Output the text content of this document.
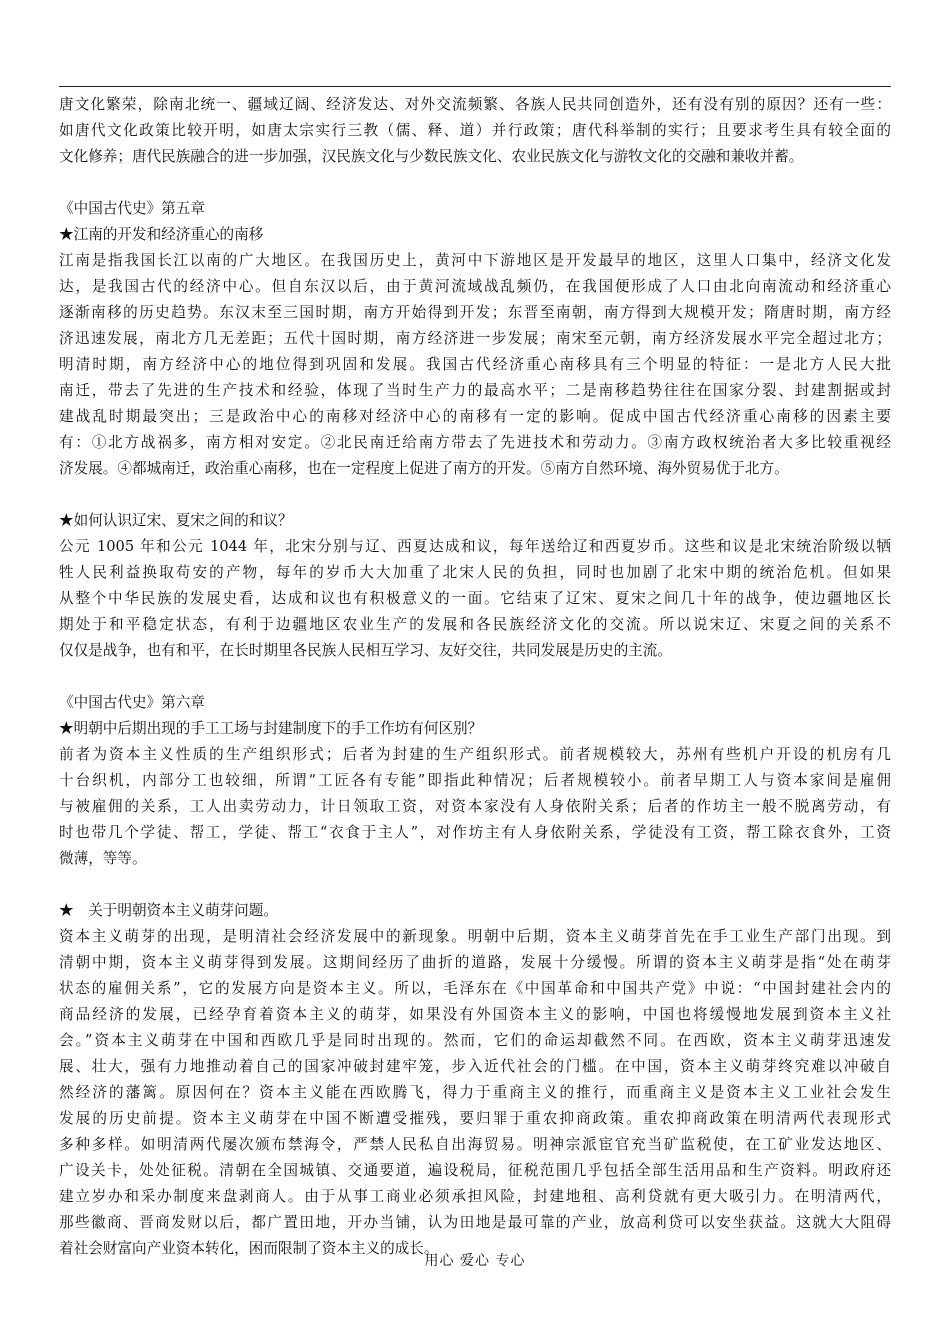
唐文化繁荣，除南北统一、疆域辽阔、经济发达、对外交流频繁、各族人民共同创造外，还有没有别的原因？还有一些：
如唐代文化政策比较开明，如唐太宗实行三教（儒、释、道）并行政策；唐代科举制的实行；且要求考生具有较全面的
文化修养；唐代民族融合的进一步加强，汉民族文化与少数民族文化、农业民族文化与游牧文化的交融和兼收并蓄。
《中国古代史》第五章
★江南的开发和经济重心的南移
江南是指我国长江以南的广大地区。在我国历史上，黄河中下游地区是开发最早的地区，这里人口集中，经济文化发
达，是我国古代的经济中心。但自东汉以后，由于黄河流域战乱频仍，在我国便形成了人口由北向南流动和经济重心
逐渐南移的历史趋势。东汉末至三国时期，南方开始得到开发；东晋至南朝，南方得到大规模开发；隋唐时期，南方经
济迅速发展，南北方几无差距；五代十国时期，南方经济进一步发展；南宋至元朝，南方经济发展水平完全超过北方；
明清时期，南方经济中心的地位得到巩固和发展。我国古代经济重心南移具有三个明显的特征：一是北方人民大批
南迁，带去了先进的生产技术和经验，体现了当时生产力的最高水平；二是南移趋势往往在国家分裂、封建割据或封
建战乱时期最突出；三是政治中心的南移对经济中心的南移有一定的影响。促成中国古代经济重心南移的因素主要
有：①北方战祸多，南方相对安定。②北民南迁给南方带去了先进技术和劳动力。③南方政权统治者大多比较重视经
济发展。④都城南迁，政治重心南移，也在一定程度上促进了南方的开发。⑤南方自然环境、海外贸易优于北方。
★如何认识辽宋、夏宋之间的和议？
公元 1005 年和公元 1044 年，北宋分别与辽、西夏达成和议，每年送给辽和西夏岁币。这些和议是北宋统治阶级以牺
牲人民利益换取苟安的产物，每年的岁币大大加重了北宋人民的负担，同时也加剧了北宋中期的统治危机。但如果
从整个中华民族的发展史看，达成和议也有积极意义的一面。它结束了辽宋、夏宋之间几十年的战争，使边疆地区长
期处于和平稳定状态，有利于边疆地区农业生产的发展和各民族经济文化的交流。所以说宋辽、宋夏之间的关系不
仅仅是战争，也有和平，在长时期里各民族人民相互学习、友好交往，共同发展是历史的主流。
《中国古代史》第六章
★明朝中后期出现的手工工场与封建制度下的手工作坊有何区别？
前者为资本主义性质的生产组织形式；后者为封建的生产组织形式。前者规模较大，苏州有些机户开设的机房有几
十台织机，内部分工也较细，所谓“工匠各有专能”即指此种情况；后者规模较小。前者早期工人与资本家间是雇佣
与被雇佣的关系，工人出卖劳动力，计日领取工资，对资本家没有人身依附关系；后者的作坊主一般不脱离劳动，有
时也带几个学徒、帮工，学徒、帮工“衣食于主人”，对作坊主有人身依附关系，学徒没有工资，帮工除衣食外，工资
微薄，等等。
★　关于明朝资本主义萌芽问题。
资本主义萌芽的出现，是明清社会经济发展中的新现象。明朝中后期，资本主义萌芽首先在手工业生产部门出现。到
清朝中期，资本主义萌芽得到发展。这期间经历了曲折的道路，发展十分缓慢。所谓的资本主义萌芽是指“处在萌芽
状态的雇佣关系”，它的发展方向是资本主义。所以，毛泽东在《中国革命和中国共产党》中说：“中国封建社会内的
商品经济的发展，已经孕育着资本主义的萌芽，如果没有外国资本主义的影响，中国也将缓慢地发展到资本主义社
会。”资本主义萌芽在中国和西欧几乎是同时出现的。然而，它们的命运却截然不同。在西欧，资本主义萌芽迅速发
展、壮大，强有力地推动着自己的国家冲破封建牢笼，步入近代社会的门槛。在中国，资本主义萌芽终究难以冲破自
然经济的藩篱。原因何在？资本主义能在西欧腾飞，得力于重商主义的推行，而重商主义是资本主义工业社会发生
发展的历史前提。资本主义萌芽在中国不断遭受摧残，要归罪于重农抑商政策。重农抑商政策在明清两代表现形式
多种多样。如明清两代屡次颁布禁海令，严禁人民私自出海贸易。明神宗派宦官充当矿监税使，在工矿业发达地区、
广设关卡，处处征税。清朝在全国城镇、交通要道，遍设税局，征税范围几乎包括全部生活用品和生产资料。明政府还
建立岁办和采办制度来盘剥商人。由于从事工商业必须承担风险，封建地租、高利贷就有更大吸引力。在明清两代，
那些徽商、晋商发财以后，都广置田地，开办当铺，认为田地是最可靠的产业，放高利贷可以安坐获益。这就大大阻碍
着社会财富向产业资本转化，困而限制了资本主义的成长。
用心 爱心 专心
